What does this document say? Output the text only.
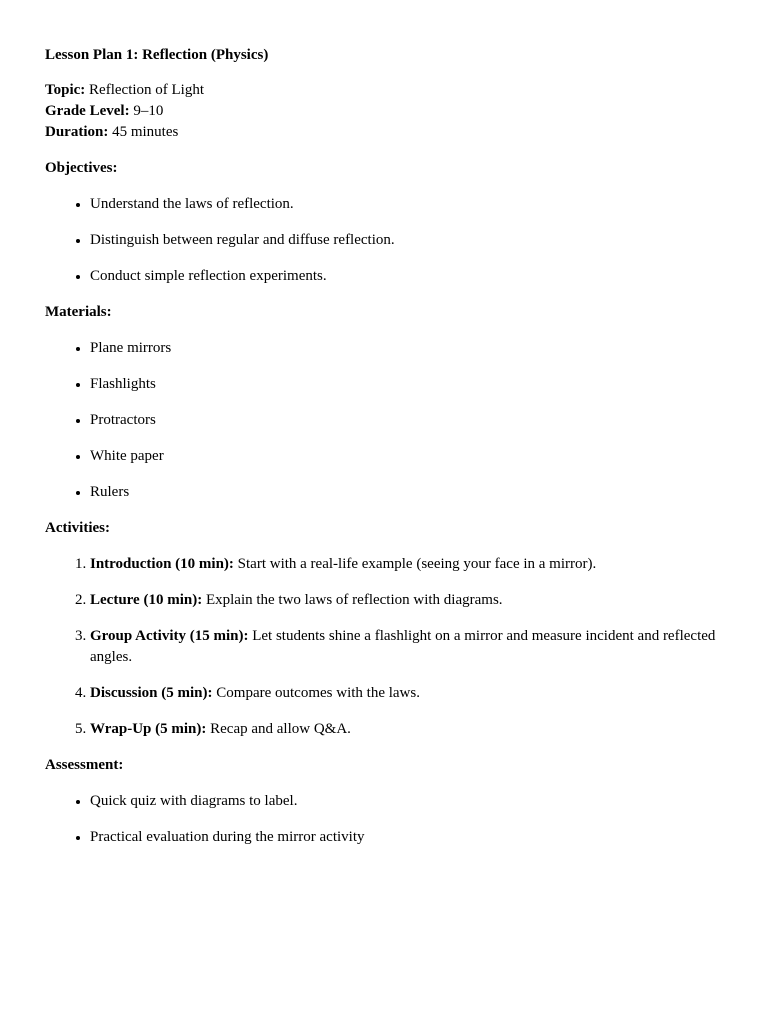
Lesson Plan 1: Reflection (Physics)
Topic: Reflection of Light
Grade Level: 9–10
Duration: 45 minutes
Objectives:
• Understand the laws of reflection.
• Distinguish between regular and diffuse reflection.
• Conduct simple reflection experiments.
Materials:
• Plane mirrors
• Flashlights
• Protractors
• White paper
• Rulers
Activities:
1. Introduction (10 min): Start with a real-life example (seeing your face in a mirror).
2. Lecture (10 min): Explain the two laws of reflection with diagrams.
3. Group Activity (15 min): Let students shine a flashlight on a mirror and measure incident and reflected angles.
4. Discussion (5 min): Compare outcomes with the laws.
5. Wrap-Up (5 min): Recap and allow Q&A.
Assessment:
• Quick quiz with diagrams to label.
• Practical evaluation during the mirror activity
